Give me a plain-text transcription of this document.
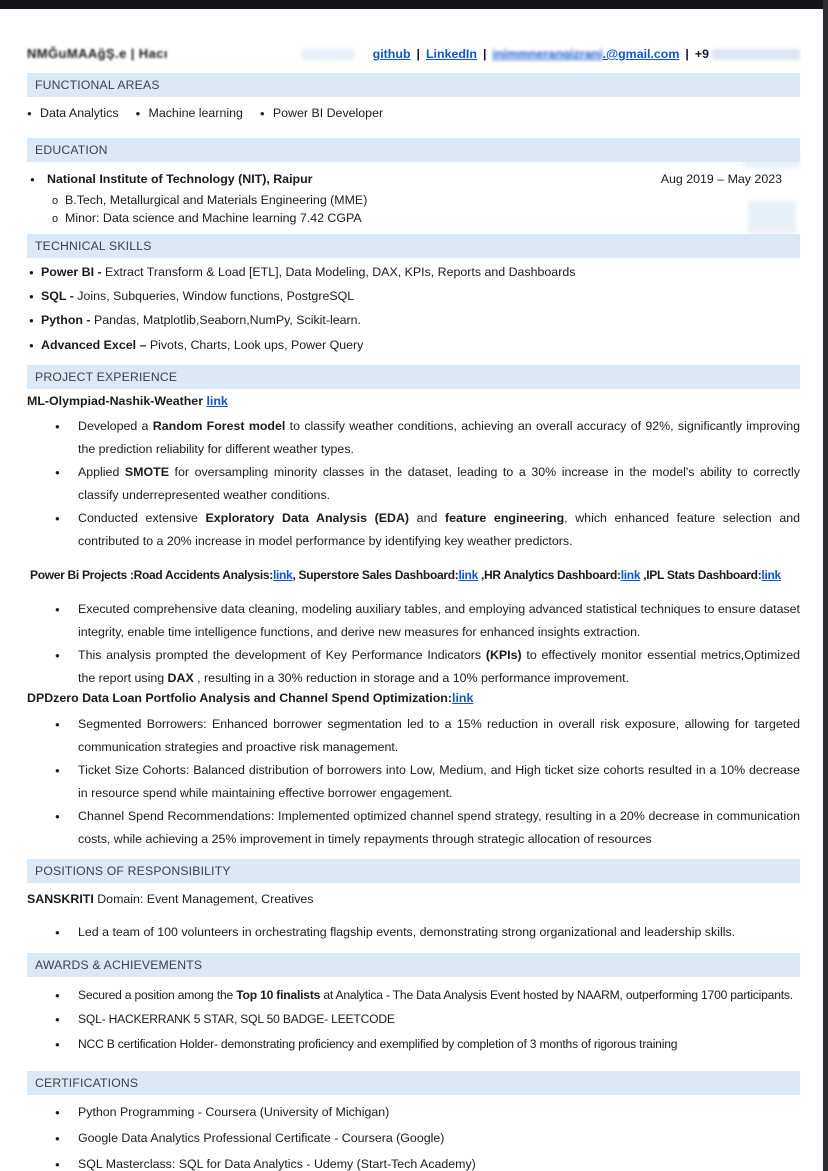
NMĞuMAAğŞ.e | Hacı	github | LinkedIn | inimmneranqizrani.@gmail.com | +9
FUNCTIONAL AREAS
●
Data Analytics ● Machine learning ● Power BI Developer
EDUCATION
●
National Institute of Technology (NIT), Raipur	Aug 2019 – May 2023
o
B.Tech, Metallurgical and Materials Engineering (MME)
o
Minor: Data science and Machine learning 7.42 CGPA
TECHNICAL SKILLS
●
Power BI - Extract Transform & Load [ETL], Data Modeling, DAX, KPIs, Reports and Dashboards
●
SQL - Joins, Subqueries, Window functions, PostgreSQL
●
Python - Pandas, Matplotlib,Seaborn,NumPy, Scikit-learn.
●
Advanced Excel – Pivots, Charts, Look ups, Power Query
PROJECT EXPERIENCE
ML-Olympiad-Nashik-Weather link
●
Developed a Random Forest model to classify weather conditions, achieving an overall accuracy of 92%, significantly improving the prediction reliability for different weather types.
●
Applied SMOTE for oversampling minority classes in the dataset, leading to a 30% increase in the model's ability to correctly classify underrepresented weather conditions.
●
Conducted extensive Exploratory Data Analysis (EDA) and feature engineering, which enhanced feature selection and contributed to a 20% increase in model performance by identifying key weather predictors.
Power Bi Projects :Road Accidents Analysis:link, Superstore Sales Dashboard:link ,HR Analytics Dashboard:link ,IPL Stats Dashboard:link
●
Executed comprehensive data cleaning, modeling auxiliary tables, and employing advanced statistical techniques to ensure dataset integrity, enable time intelligence functions, and derive new measures for enhanced insights extraction.
●
This analysis prompted the development of Key Performance Indicators (KPIs) to effectively monitor essential metrics,Optimized the report using DAX , resulting in a 30% reduction in storage and a 10% performance improvement.
DPDzero Data Loan Portfolio Analysis and Channel Spend Optimization:link
●
Segmented Borrowers: Enhanced borrower segmentation led to a 15% reduction in overall risk exposure, allowing for targeted communication strategies and proactive risk management.
●
Ticket Size Cohorts: Balanced distribution of borrowers into Low, Medium, and High ticket size cohorts resulted in a 10% decrease in resource spend while maintaining effective borrower engagement.
●
Channel Spend Recommendations: Implemented optimized channel spend strategy, resulting in a 20% decrease in communication costs, while achieving a 25% improvement in timely repayments through strategic allocation of resources
POSITIONS OF RESPONSIBILITY
SANSKRITI Domain: Event Management, Creatives
●
Led a team of 100 volunteers in orchestrating flagship events, demonstrating strong organizational and leadership skills.
AWARDS & ACHIEVEMENTS
●
Secured a position among the Top 10 finalists at Analytica - The Data Analysis Event hosted by NAARM, outperforming 1700 participants.
●
SQL- HACKERRANK 5 STAR, SQL 50 BADGE- LEETCODE
●
NCC B certification Holder- demonstrating proficiency and exemplified by completion of 3 months of rigorous training
CERTIFICATIONS
●
Python Programming - Coursera (University of Michigan)
●
Google Data Analytics Professional Certificate - Coursera (Google)
●
SQL Masterclass: SQL for Data Analytics - Udemy (Start-Tech Academy)
